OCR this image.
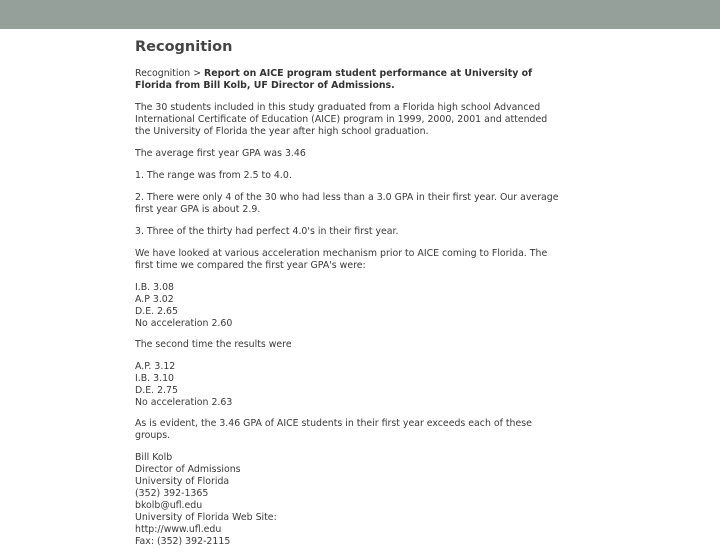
Recognition
Recognition > Report on AICE program student performance at University of Florida from Bill Kolb, UF Director of Admissions.
The 30 students included in this study graduated from a Florida high school Advanced International Certificate of Education (AICE) program in 1999, 2000, 2001 and attended the University of Florida the year after high school graduation.
The average first year GPA was 3.46
1. The range was from 2.5 to 4.0.
2. There were only 4 of the 30 who had less than a 3.0 GPA in their first year. Our average first year GPA is about 2.9.
3. Three of the thirty had perfect 4.0's in their first year.
We have looked at various acceleration mechanism prior to AICE coming to Florida. The first time we compared the first year GPA's were:
I.B. 3.08
A.P 3.02
D.E. 2.65
No acceleration 2.60
The second time the results were
A.P. 3.12
I.B. 3.10
D.E. 2.75
No acceleration 2.63
As is evident, the 3.46 GPA of AICE students in their first year exceeds each of these groups.
Bill Kolb
Director of Admissions
University of Florida
(352) 392-1365
bkolb@ufl.edu
University of Florida Web Site:
http://www.ufl.edu
Fax: (352) 392-2115
